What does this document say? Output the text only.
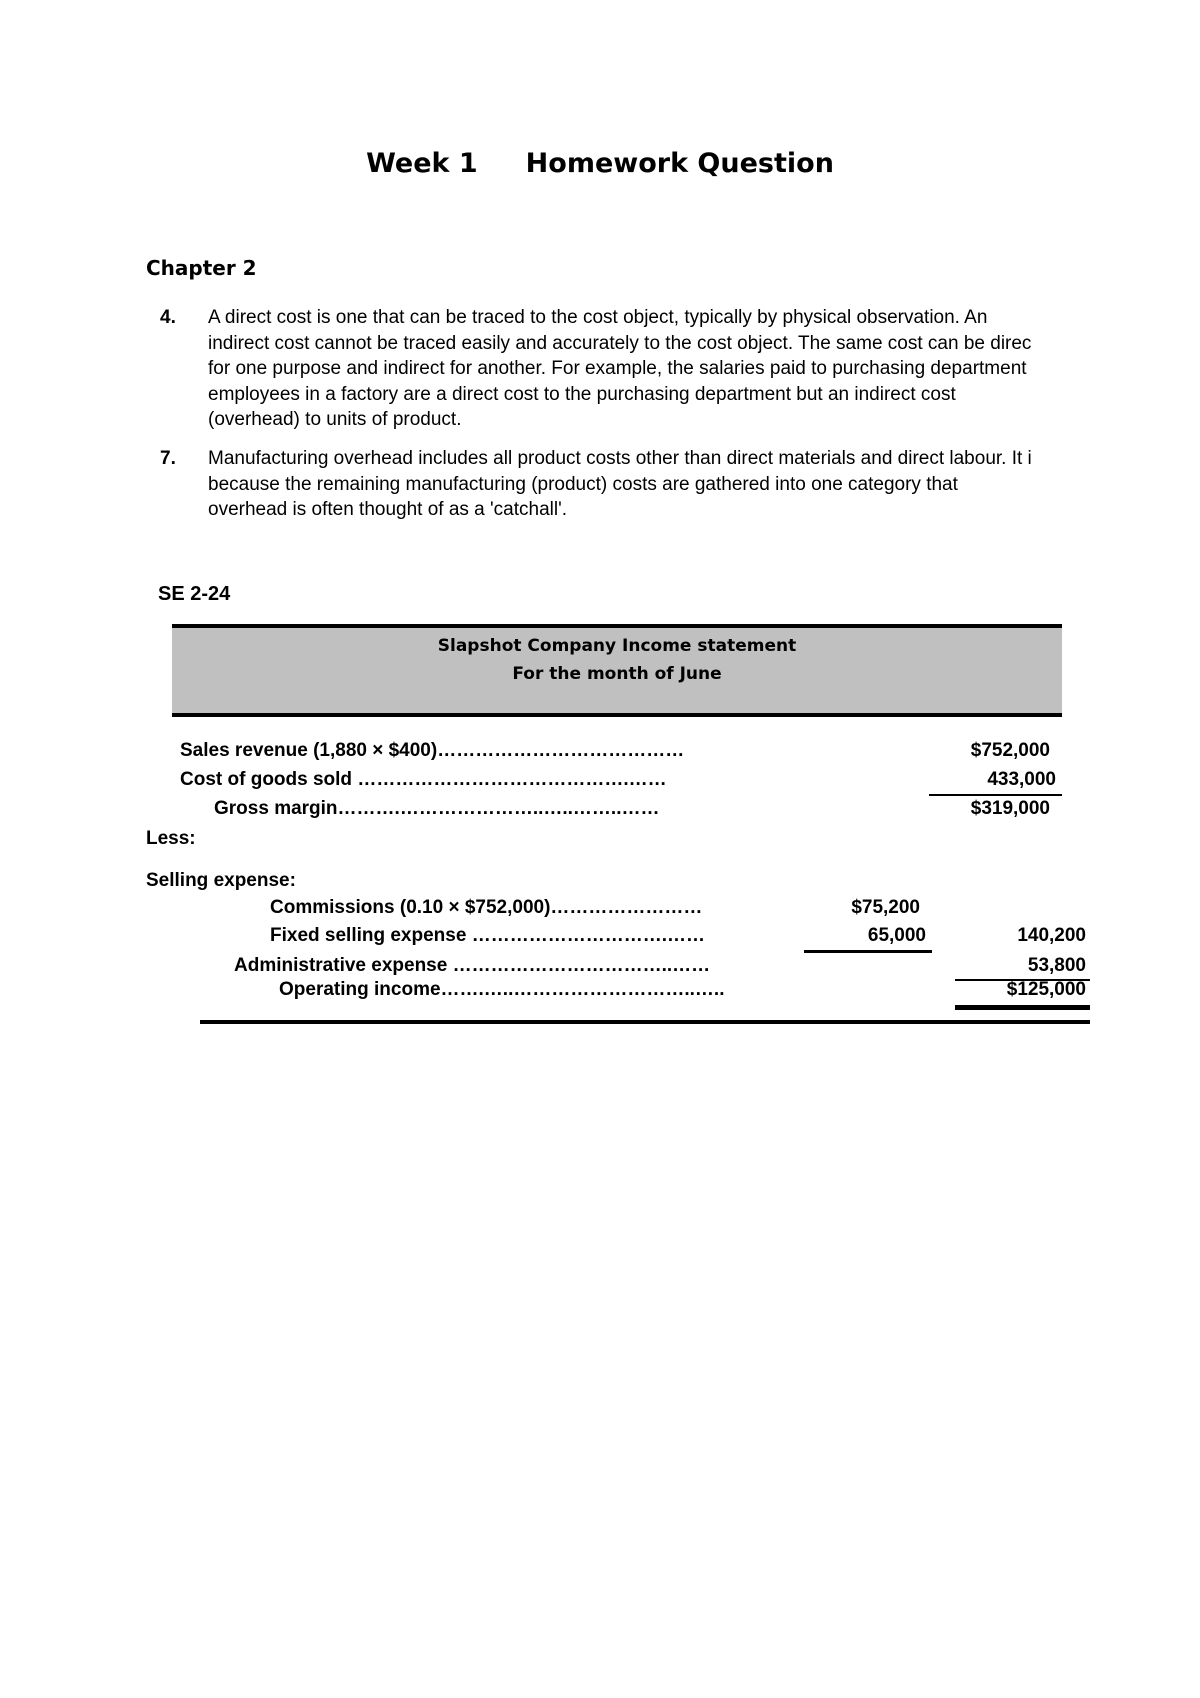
Week 1 Homework Question
Chapter 2
4. A direct cost is one that can be traced to the cost object, typically by physical observation. An
indirect cost cannot be traced easily and accurately to the cost object. The same cost can be direc
for one purpose and indirect for another. For example, the salaries paid to purchasing department
employees in a factory are a direct cost to the purchasing department but an indirect cost
(overhead) to units of product.
7. Manufacturing overhead includes all product costs other than direct materials and direct labour. It i
because the remaining manufacturing (product) costs are gathered into one category that
overhead is often thought of as a 'catchall'.
SE 2-24
Slapshot Company Income statement
For the month of June
Sales revenue (1,880 × $400)…………………………………	$752,000
Cost of goods sold …………………………………….……	433,000
Gross margin……….…………………..…..……..……	$319,000
Less:
Selling expense:
Commissions (0.10 × $752,000)……………………	$75,200
Fixed selling expense ………………………….……	65,000	140,200
Administrative expense ……………………………..……	53,800
Operating income…….…..………………………..…..	$125,000
